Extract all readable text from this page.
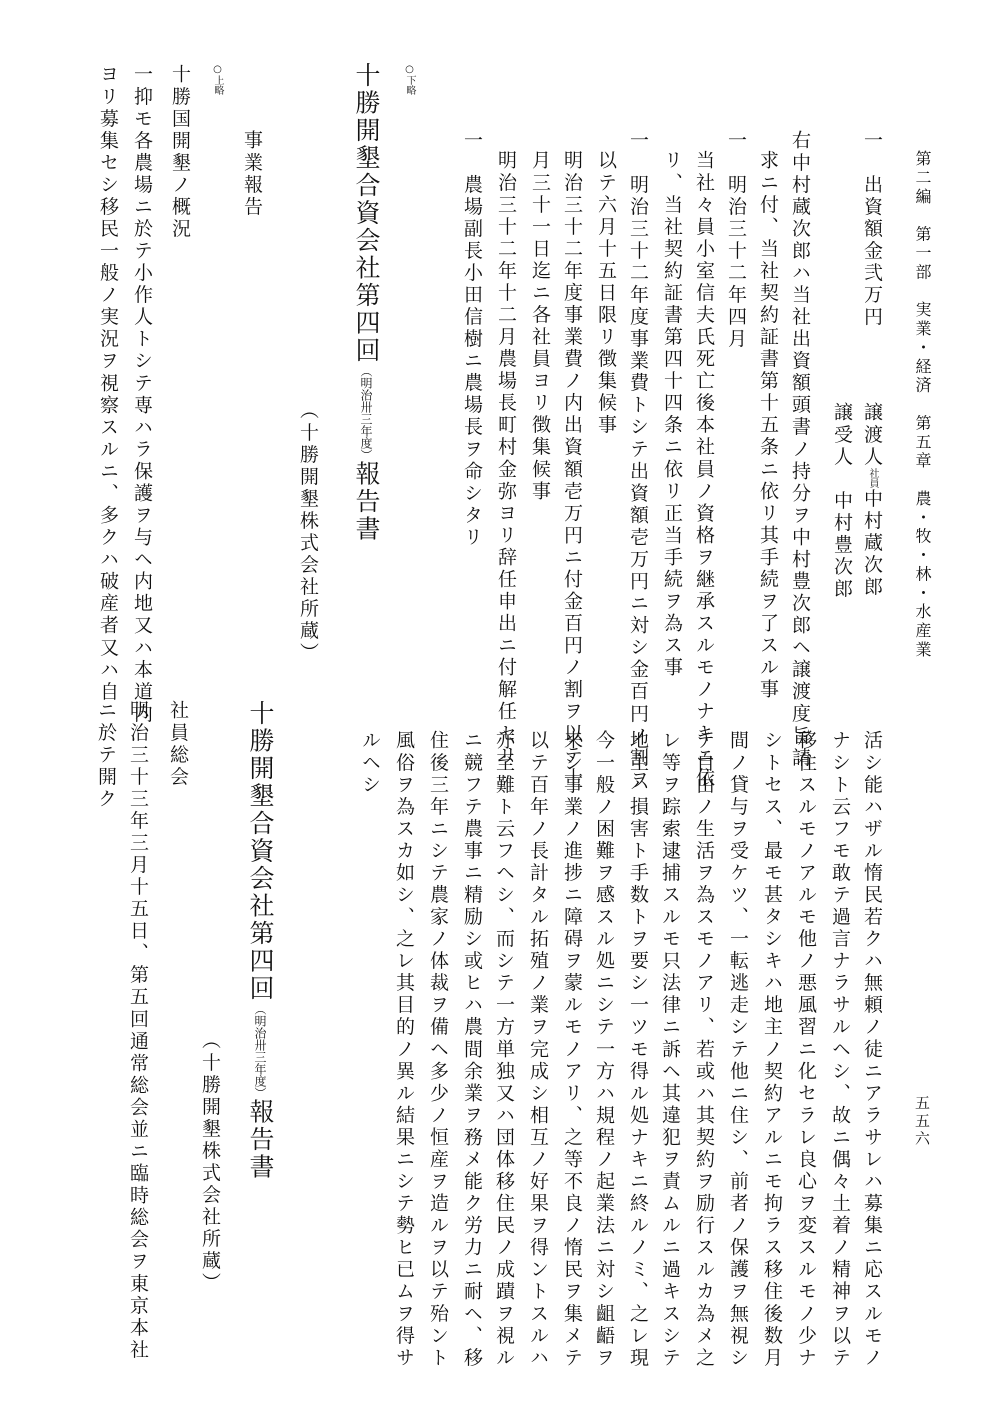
第二編　第一部　実業・経済　第五章　農・牧・林・水産業
五五六
一　出資額金弐万円
譲渡人社員中村蔵次郎
譲受人　中村豊次郎
右中村蔵次郎ハ当社出資額頭書ノ持分ヲ中村豊次郎ヘ譲渡度旨請
求ニ付、当社契約証書第十五条ニ依リ其手続ヲ了スル事
一　明治三十二年四月
当社々員小室信夫氏死亡後本社員ノ資格ヲ継承スルモノナキニ依
リ、当社契約証書第四十四条ニ依リ正当手続ヲ為ス事
一　明治三十二年度事業費トシテ出資額壱万円ニ対シ金百円ノ割ヲ
以テ六月十五日限リ徴集候事
明治三十二年度事業費ノ内出資額壱万円ニ付金百円ノ割ヲ以テ十
月三十一日迄ニ各社員ヨリ徴集候事
明治三十二年十二月農場長町村金弥ヨリ辞任申出ニ付解任セリ
一　農場副長小田信樹ニ農場長ヲ命シタリ
○下略
十勝開墾合資会社第四回（明治卅三年度）報告書
（十勝開墾株式会社所蔵）
事業報告
○上略
十勝国開墾ノ概況
一抑モ各農場ニ於テ小作人トシテ専ハラ保護ヲ与ヘ内地又ハ本道内
ヨリ募集セシ移民一般ノ実況ヲ視察スルニ、多クハ破産者又ハ自
活シ能ハザル惰民若クハ無頼ノ徒ニアラサレハ募集ニ応スルモノ
ナシト云フモ敢テ過言ナラサルヘシ、故ニ偶々土着ノ精神ヲ以テ
移住スルモノアルモ他ノ悪風習ニ化セラレ良心ヲ変スルモノ少ナ
シトセス、最モ甚タシキハ地主ノ契約アルニモ拘ラス移住後数月
間ノ貸与ヲ受ケツ、一転逃走シテ他ニ住シ、前者ノ保護ヲ無視シ
テ自由ノ生活ヲ為スモノアリ、若或ハ其契約ヲ励行スルカ為メ之
レ等ヲ踪索逮捕スルモ只法律ニ訴ヘ其違犯ヲ責ムルニ過キスシテ
地主ハ損害ト手数トヲ要シ一ツモ得ル処ナキニ終ルノミ、之レ現
今一般ノ困難ヲ感スル処ニシテ一方ハ規程ノ起業法ニ対シ齟齬ヲ
来シ事業ノ進捗ニ障碍ヲ蒙ルモノアリ、之等不良ノ惰民ヲ集メテ
以テ百年ノ長計タル拓殖ノ業ヲ完成シ相互ノ好果ヲ得ントスルハ
亦至難ト云フヘシ、而シテ一方単独又ハ団体移住民ノ成蹟ヲ視ル
ニ競フテ農事ニ精励シ或ヒハ農間余業ヲ務メ能ク労力ニ耐ヘ、移
住後三年ニシテ農家ノ体裁ヲ備ヘ多少ノ恒産ヲ造ルヲ以テ殆ント
風俗ヲ為スカ如シ、之レ其目的ノ異ル結果ニシテ勢ヒ已ムヲ得サ
ルヘシ
十勝開墾合資会社第四回（明治卅三年度）報告書
（十勝開墾株式会社所蔵）
社員総会
明治三十三年三月十五日、第五回通常総会並ニ臨時総会ヲ東京本社
ニ於テ開ク
